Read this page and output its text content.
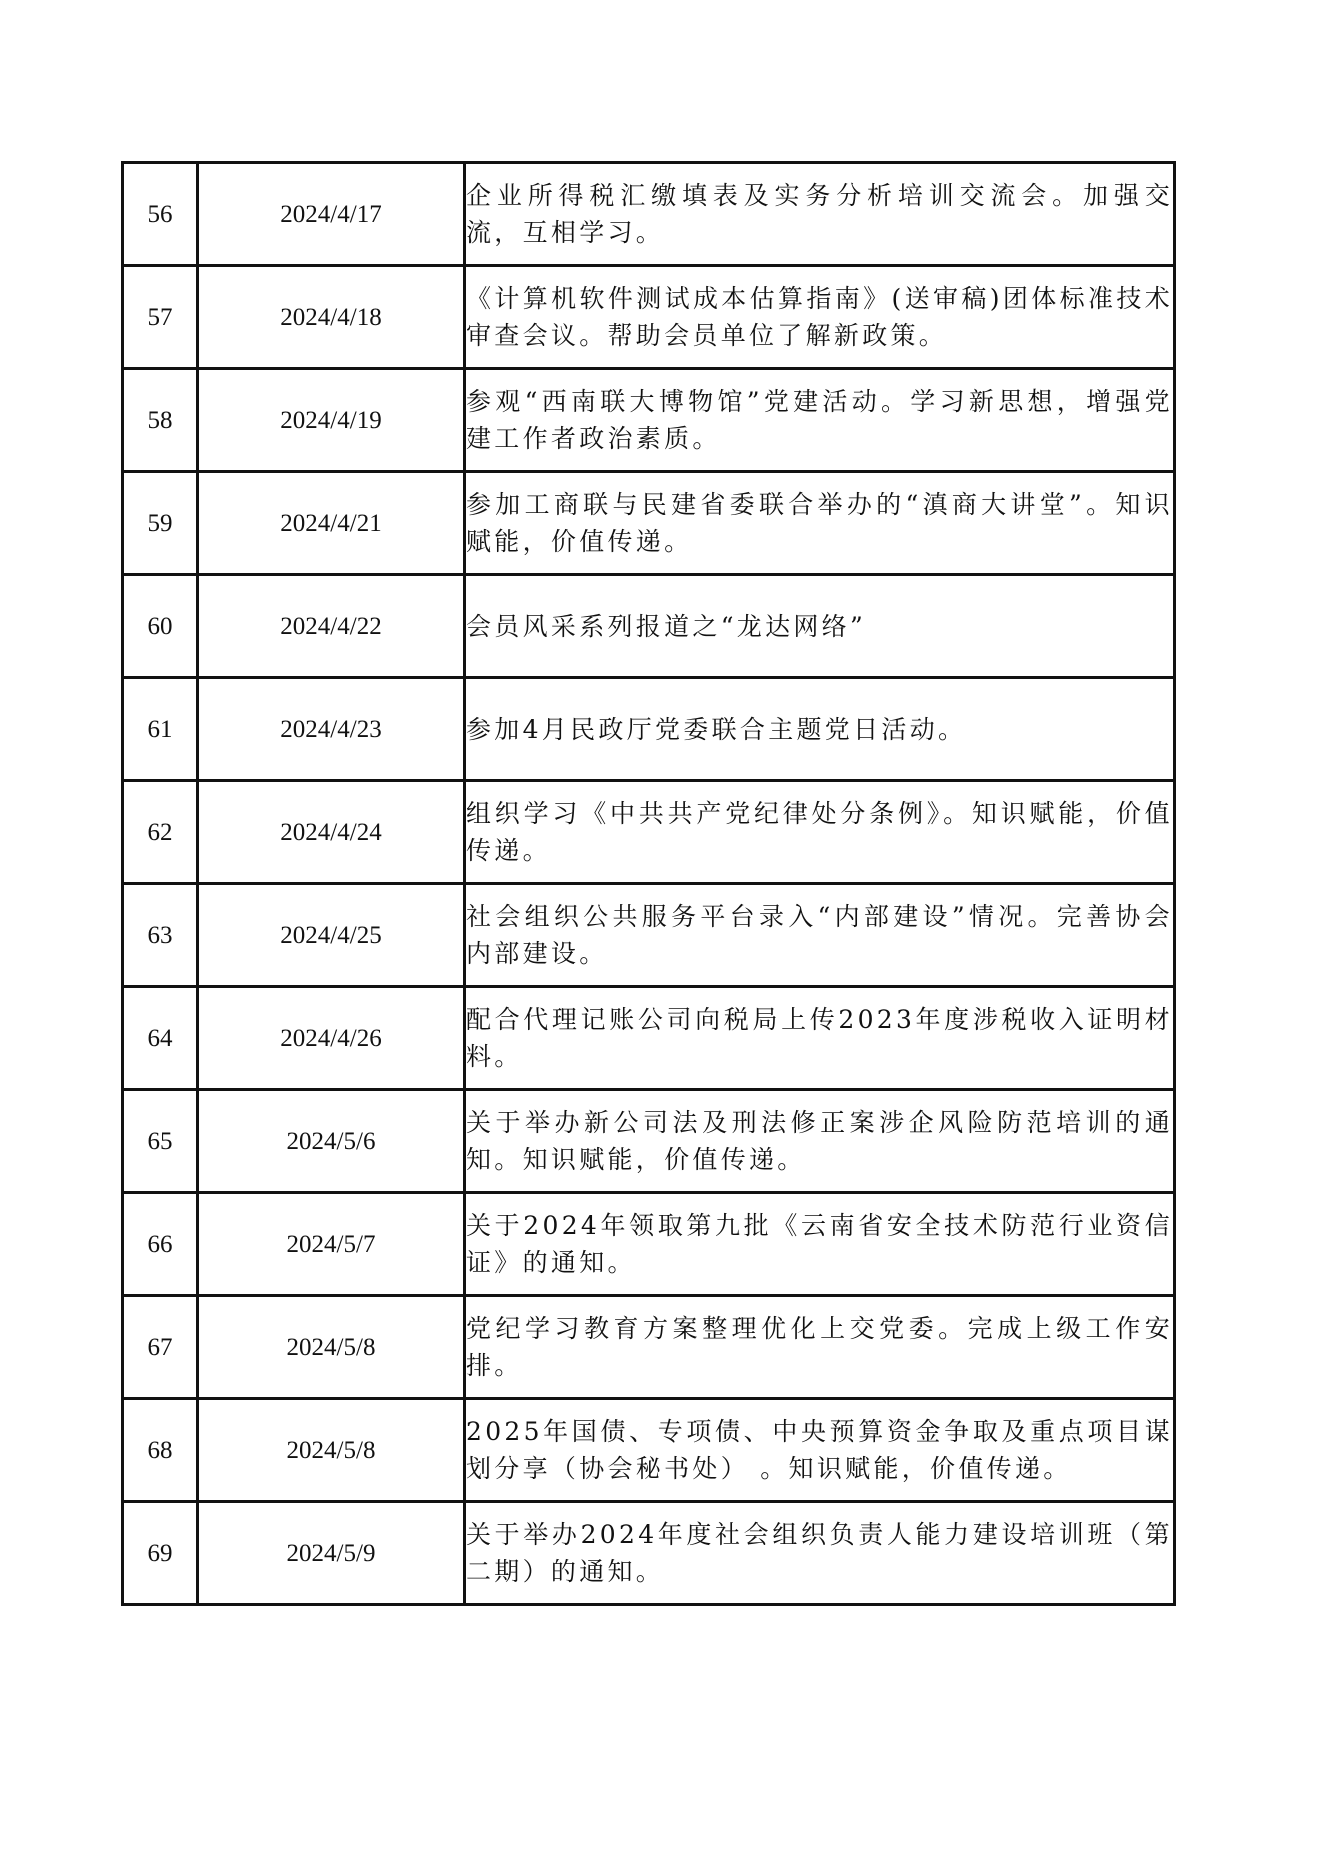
56	2024/4/17	企业所得税汇缴填表及实务分析培训交流会。加强交流，互相学习。
57	2024/4/18	《计算机软件测试成本估算指南》(送审稿)团体标准技术审查会议。帮助会员单位了解新政策。
58	2024/4/19	参观“西南联大博物馆”党建活动。学习新思想，增强党建工作者政治素质。
59	2024/4/21	参加工商联与民建省委联合举办的“滇商大讲堂”。知识赋能，价值传递。
60	2024/4/22	会员风采系列报道之“龙达网络”
61	2024/4/23	参加4月民政厅党委联合主题党日活动。
62	2024/4/24	组织学习《中共共产党纪律处分条例》。知识赋能，价值传递。
63	2024/4/25	社会组织公共服务平台录入“内部建设”情况。完善协会内部建设。
64	2024/4/26	配合代理记账公司向税局上传2023年度涉税收入证明材料。
65	2024/5/6	关于举办新公司法及刑法修正案涉企风险防范培训的通知。知识赋能，价值传递。
66	2024/5/7	关于2024年领取第九批《云南省安全技术防范行业资信证》的通知。
67	2024/5/8	党纪学习教育方案整理优化上交党委。完成上级工作安排。
68	2024/5/8	2025年国债、专项债、中央预算资金争取及重点项目谋划分享（协会秘书处） 。知识赋能，价值传递。
69	2024/5/9	关于举办2024年度社会组织负责人能力建设培训班（第二期）的通知。
